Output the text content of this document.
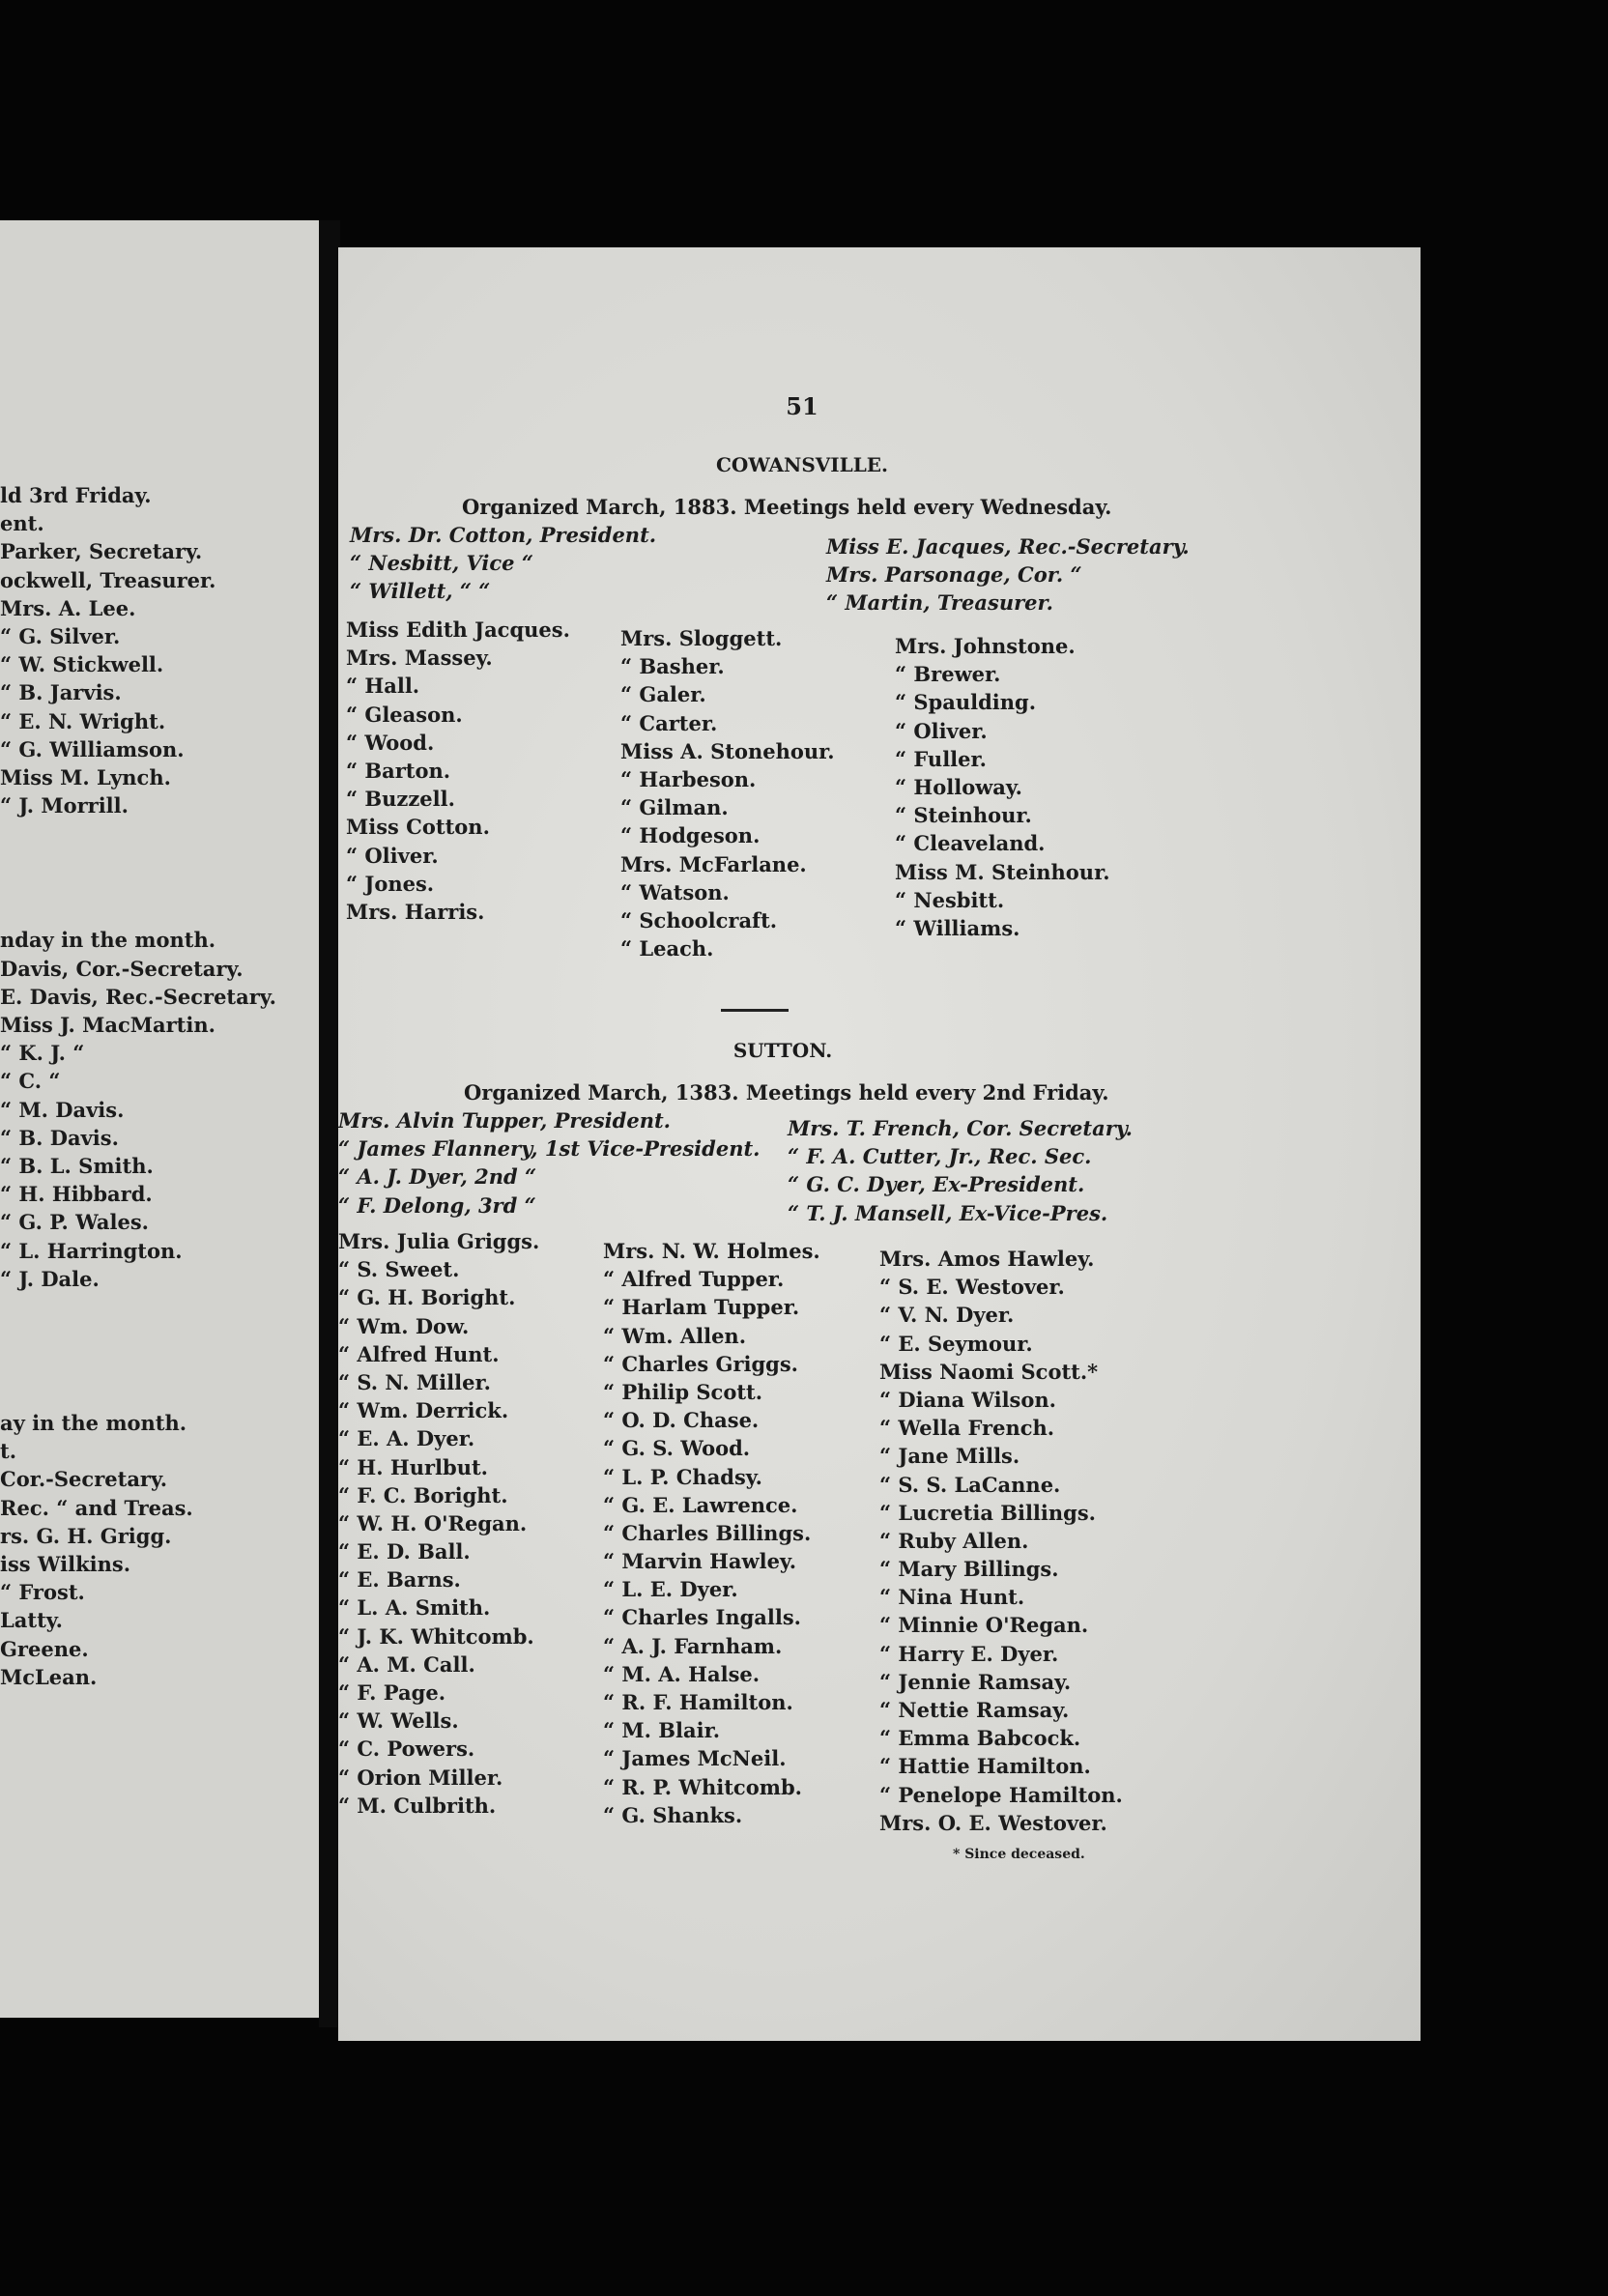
ld 3rd Friday.
ent.
Parker, Secretary.
ockwell, Treasurer.
Mrs. A. Lee.
“ G. Silver.
“ W. Stickwell.
“ B. Jarvis.
“ E. N. Wright.
“ G. Williamson.
Miss M. Lynch.
“ J. Morrill.
nday in the month.
Davis, Cor.-Secretary.
E. Davis, Rec.-Secretary.
Miss J. MacMartin.
“ K. J. “
“ C. “
“ M. Davis.
“ B. Davis.
“ B. L. Smith.
“ H. Hibbard.
“ G. P. Wales.
“ L. Harrington.
“ J. Dale.
ay in the month.
t.
Cor.-Secretary.
Rec. “ and Treas.
rs. G. H. Grigg.
iss Wilkins.
“ Frost.
Latty.
Greene.
McLean.
51
COWANSVILLE.
Organized March, 1883. Meetings held every Wednesday.
Mrs. Dr. Cotton, President.
“ Nesbitt, Vice “
“ Willett, “ “
Miss E. Jacques, Rec.-Secretary.
Mrs. Parsonage, Cor. “
“ Martin, Treasurer.
Miss Edith Jacques.
Mrs. Massey.
“ Hall.
“ Gleason.
“ Wood.
“ Barton.
“ Buzzell.
Miss Cotton.
“ Oliver.
“ Jones.
Mrs. Harris.
Mrs. Sloggett.
“ Basher.
“ Galer.
“ Carter.
Miss A. Stonehour.
“ Harbeson.
“ Gilman.
“ Hodgeson.
Mrs. McFarlane.
“ Watson.
“ Schoolcraft.
“ Leach.
Mrs. Johnstone.
“ Brewer.
“ Spaulding.
“ Oliver.
“ Fuller.
“ Holloway.
“ Steinhour.
“ Cleaveland.
Miss M. Steinhour.
“ Nesbitt.
“ Williams.
SUTTON.
Organized March, 1383. Meetings held every 2nd Friday.
Mrs. Alvin Tupper, President.
“ James Flannery, 1st Vice-President.
“ A. J. Dyer, 2nd “
“ F. Delong, 3rd “
Mrs. T. French, Cor. Secretary.
“ F. A. Cutter, Jr., Rec. Sec.
“ G. C. Dyer, Ex-President.
“ T. J. Mansell, Ex-Vice-Pres.
Mrs. Julia Griggs.
“ S. Sweet.
“ G. H. Boright.
“ Wm. Dow.
“ Alfred Hunt.
“ S. N. Miller.
“ Wm. Derrick.
“ E. A. Dyer.
“ H. Hurlbut.
“ F. C. Boright.
“ W. H. O'Regan.
“ E. D. Ball.
“ E. Barns.
“ L. A. Smith.
“ J. K. Whitcomb.
“ A. M. Call.
“ F. Page.
“ W. Wells.
“ C. Powers.
“ Orion Miller.
“ M. Culbrith.
Mrs. N. W. Holmes.
“ Alfred Tupper.
“ Harlam Tupper.
“ Wm. Allen.
“ Charles Griggs.
“ Philip Scott.
“ O. D. Chase.
“ G. S. Wood.
“ L. P. Chadsy.
“ G. E. Lawrence.
“ Charles Billings.
“ Marvin Hawley.
“ L. E. Dyer.
“ Charles Ingalls.
“ A. J. Farnham.
“ M. A. Halse.
“ R. F. Hamilton.
“ M. Blair.
“ James McNeil.
“ R. P. Whitcomb.
“ G. Shanks.
Mrs. Amos Hawley.
“ S. E. Westover.
“ V. N. Dyer.
“ E. Seymour.
Miss Naomi Scott.*
“ Diana Wilson.
“ Wella French.
“ Jane Mills.
“ S. S. LaCanne.
“ Lucretia Billings.
“ Ruby Allen.
“ Mary Billings.
“ Nina Hunt.
“ Minnie O'Regan.
“ Harry E. Dyer.
“ Jennie Ramsay.
“ Nettie Ramsay.
“ Emma Babcock.
“ Hattie Hamilton.
“ Penelope Hamilton.
Mrs. O. E. Westover.
* Since deceased.
